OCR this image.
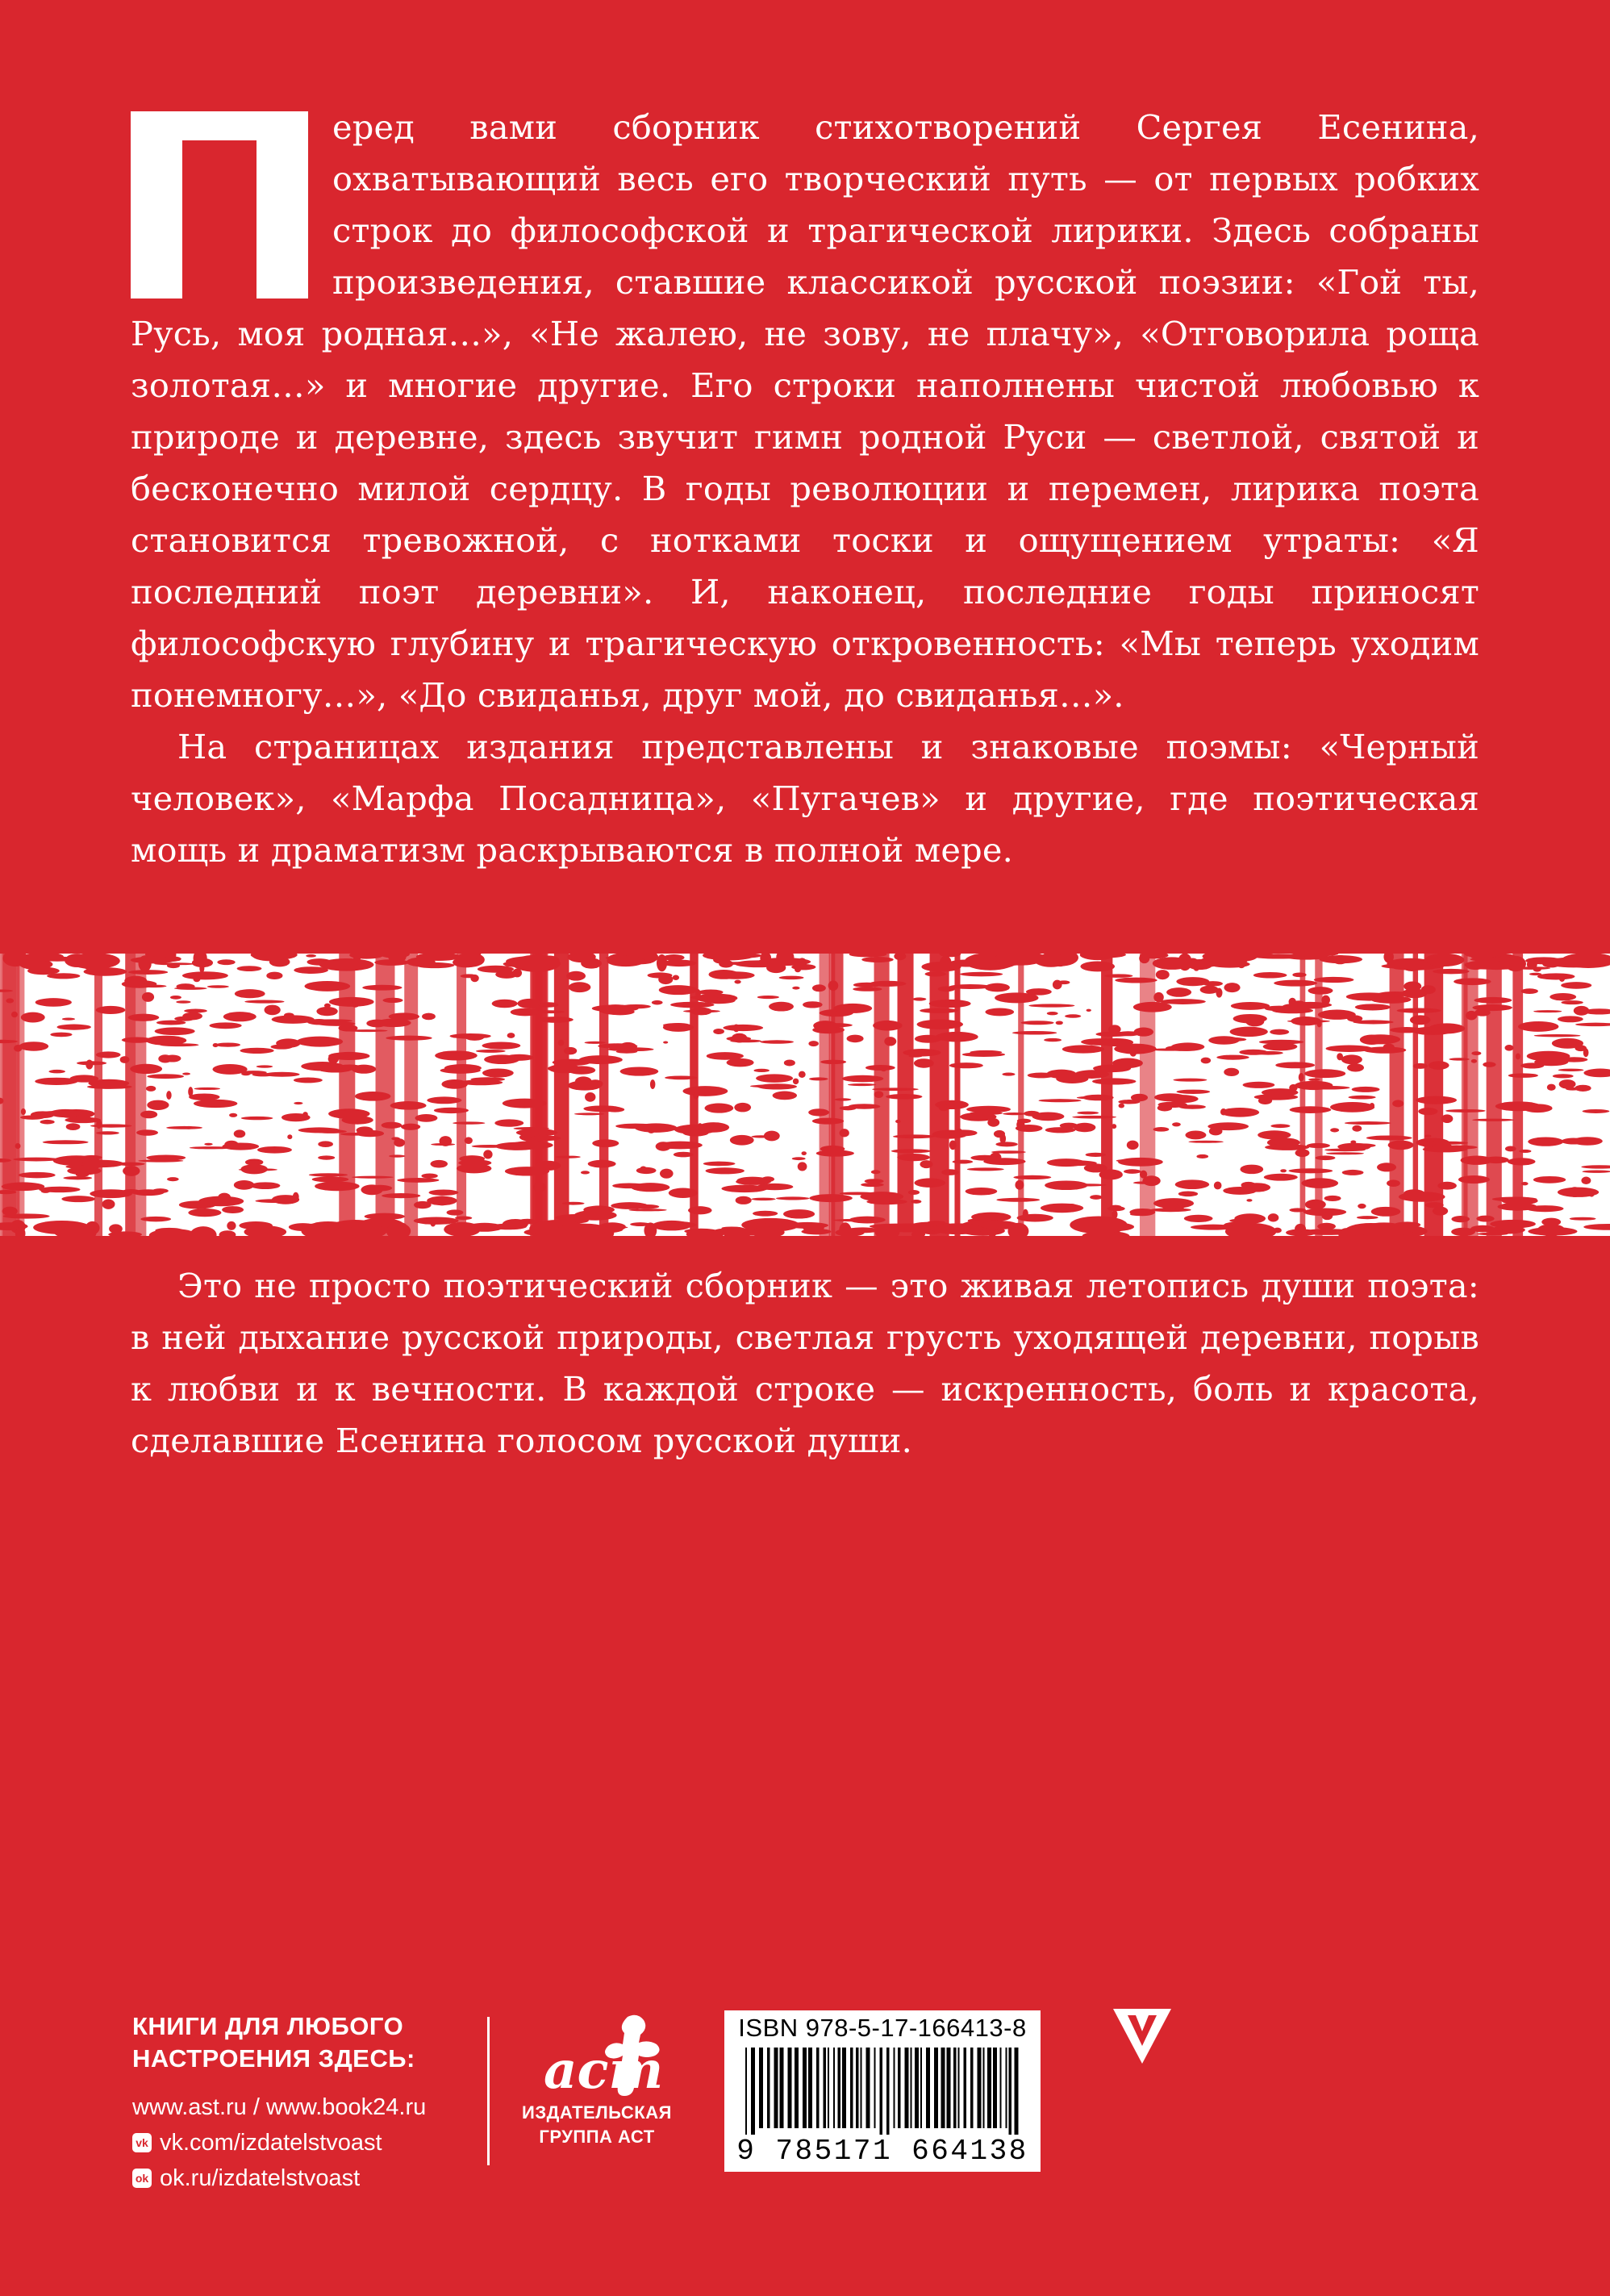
еред вами сборник стихотворений Сергея Есенина, охватывающий весь его творческий путь — от первых робких строк до философской и трагической лирики. Здесь собраны произведения, ставшие классикой русской поэзии: «Гой ты, Русь, моя родная…», «Не жалею, не зову, не плачу», «Отговорила роща золотая…» и многие другие. Его строки наполнены чистой любовью к природе и деревне, здесь звучит гимн родной Руси — светлой, святой и бесконечно милой сердцу. В годы революции и перемен, лирика поэта становится тревожной, с нотками тоски и ощущением утраты: «Я последний поэт деревни». И, наконец, последние годы приносят философскую глубину и трагическую откровенность: «Мы теперь уходим понемногу…», «До свиданья, друг мой, до свиданья…».

На страницах издания представлены и знаковые поэмы: «Черный человек», «Марфа Посадница», «Пугачев» и другие, где поэтическая мощь и драматизм раскрываются в полной мере.

Это не просто поэтический сборник — это живая летопись души поэта: в ней дыхание русской природы, светлая грусть уходящей деревни, порыв к любви и к вечности. В каждой строке — искренность, боль и красота, сделавшие Есенина голосом русской души.

КНИГИ ДЛЯ ЛЮБОГО
НАСТРОЕНИЯ ЗДЕСЬ:
www.ast.ru / www.book24.ru
vk vk.com/izdatelstvoast
ok ok.ru/izdatelstvoast
аст
ИЗДАТЕЛЬСКАЯ
ГРУППА АСТ
ISBN 978-5-17-166413-8
9 785171 664138
